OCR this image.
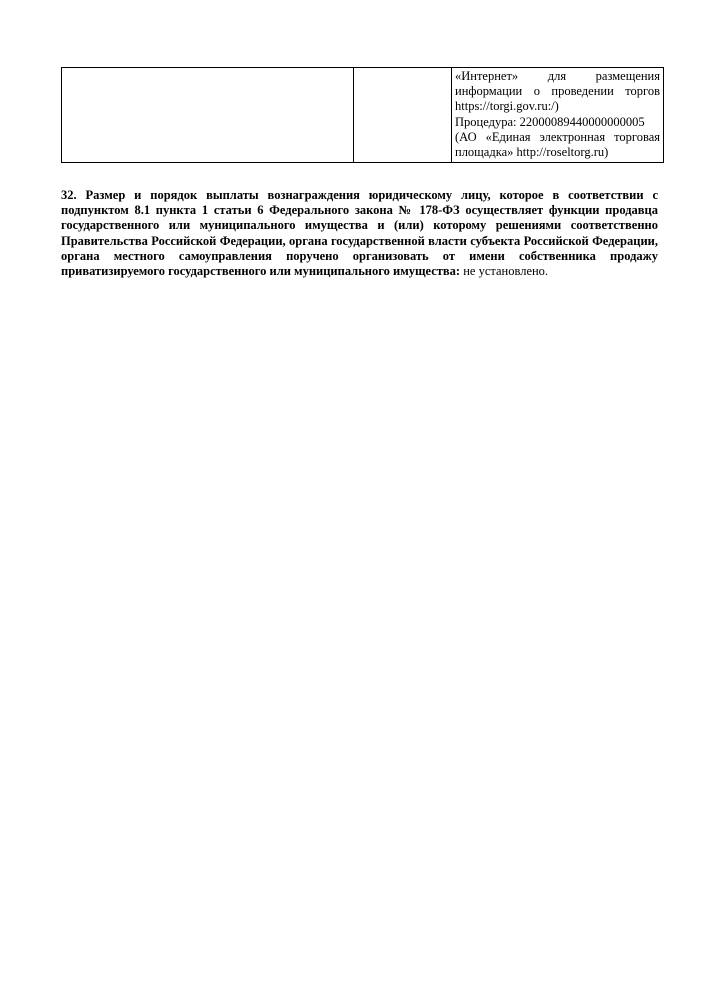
«Интернет» для размещения
информации о проведении торгов
https://torgi.gov.ru:/)
Процедура: 22000089440000000005
(АО «Единая электронная торговая
площадка» http://roseltorg.ru)
32. Размер и порядок выплаты вознаграждения юридическому лицу, которое в соответствии с подпунктом 8.1 пункта 1 статьи 6 Федерального закона № 178-ФЗ осуществляет функции продавца государственного или муниципального имущества и (или) которому решениями соответственно Правительства Российской Федерации, органа государственной власти субъекта Российской Федерации, органа местного самоуправления поручено организовать от имени собственника продажу приватизируемого государственного или муниципального имущества: не установлено.
